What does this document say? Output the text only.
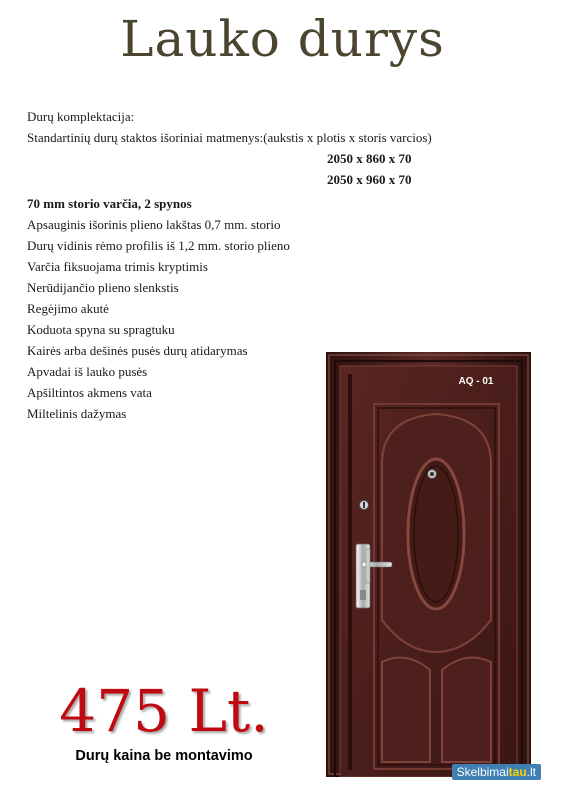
Lauko durys
Durų komplektacija:
Standartinių durų staktos išoriniai matmenys:(aukstis x plotis x storis varcios)
2050 x 860 x 70
2050 x 960 x 70
70 mm storio varčia, 2 spynos
Apsauginis išorinis plieno lakštas 0,7 mm. storio
Durų vidinis rėmo profilis iš 1,2 mm. storio plieno
Varčia fiksuojama trimis kryptimis
Nerūdijančio plieno slenkstis
Regėjimo akutė
Koduota spyna su spragtuku
Kairės arba dešinės pusės durų atidarymas
Apvadai iš lauko pusės
Apšiltintos akmens vata
Miltelinis dažymas
AQ - 01
475 Lt.
Durų kaina be montavimo
Skelbimaitau.lt
